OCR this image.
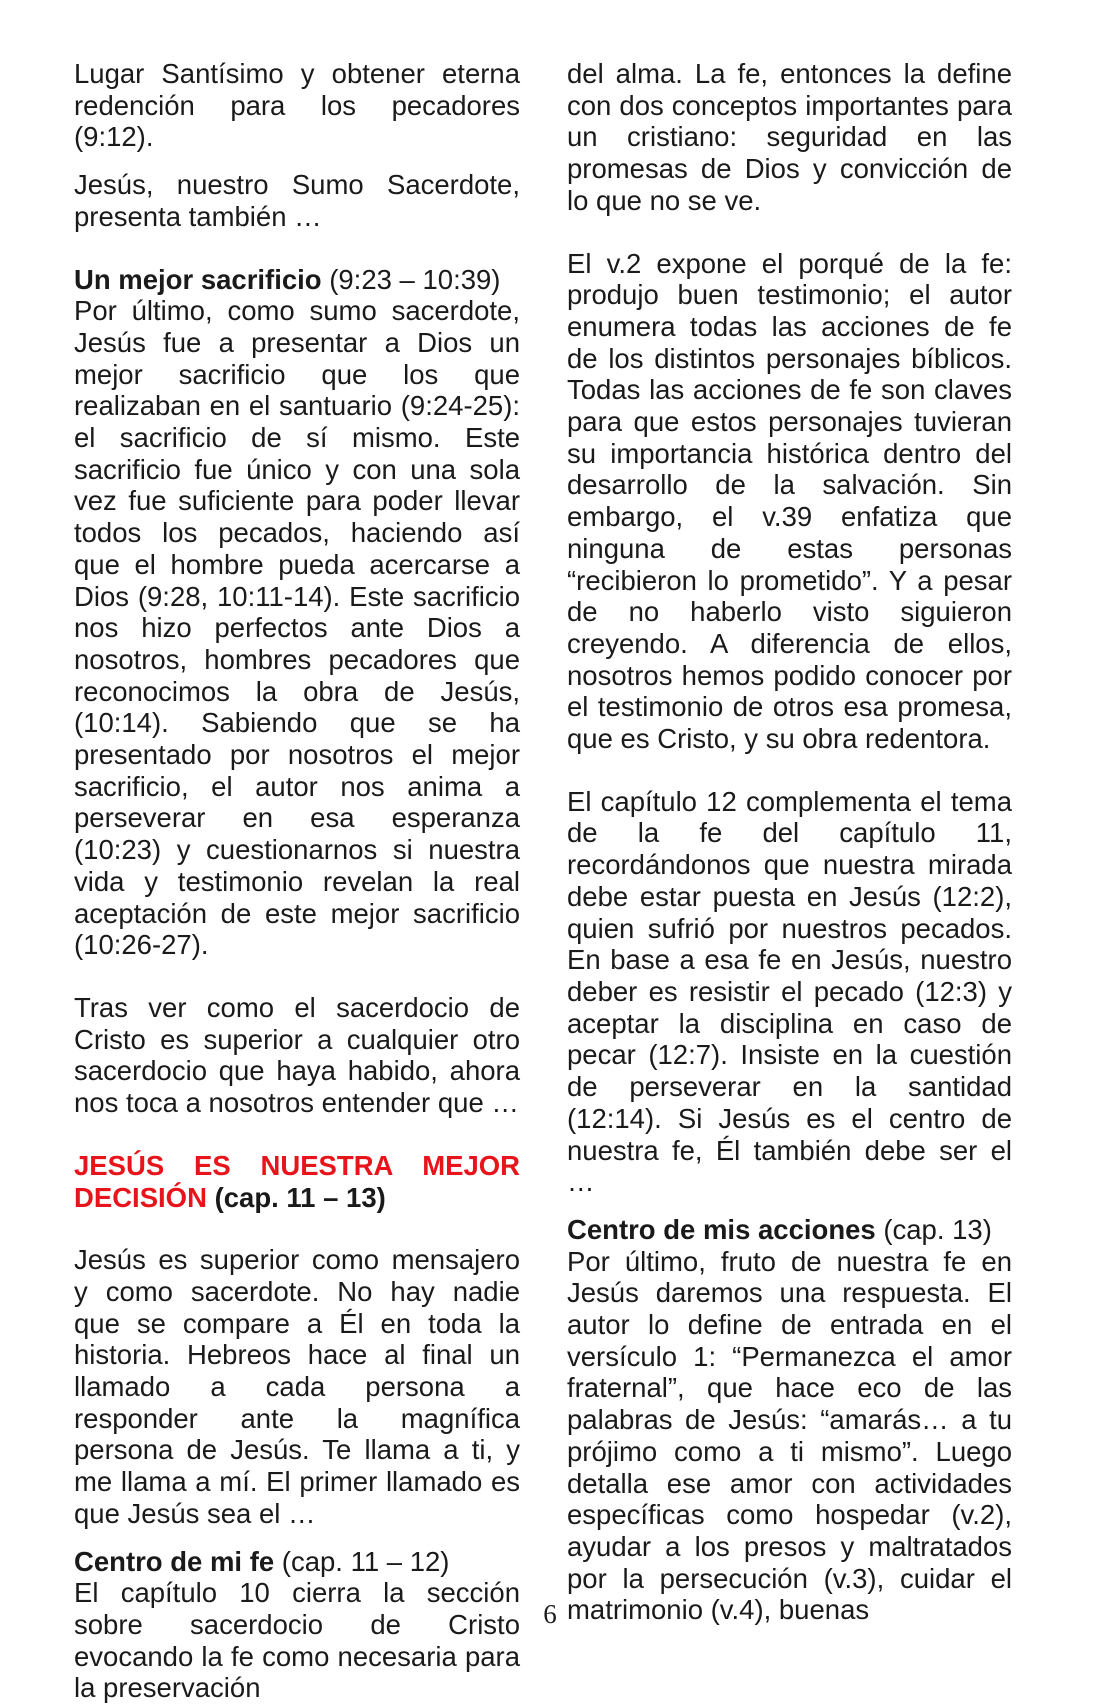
Lugar Santísimo y obtener eterna redención para los pecadores (9:12).

Jesús, nuestro Sumo Sacerdote, presenta también …

Un mejor sacrificio (9:23 – 10:39)

Por último, como sumo sacerdote, Jesús fue a presentar a Dios un mejor sacrificio que los que realizaban en el santuario (9:24-25): el sacrificio de sí mismo. Este sacrificio fue único y con una sola vez fue suficiente para poder llevar todos los pecados, haciendo así que el hombre pueda acercarse a Dios (9:28, 10:11-14). Este sacrificio nos hizo perfectos ante Dios a nosotros, hombres pecadores que reconocimos la obra de Jesús, (10:14). Sabiendo que se ha presentado por nosotros el mejor sacrificio, el autor nos anima a perseverar en esa esperanza (10:23) y cuestionarnos si nuestra vida y testimonio revelan la real aceptación de este mejor sacrificio (10:26-27).

Tras ver como el sacerdocio de Cristo es superior a cualquier otro sacerdocio que haya habido, ahora nos toca a nosotros entender que …

JESÚS ES NUESTRA MEJOR DECISIÓN (cap. 11 – 13)

Jesús es superior como mensajero y como sacerdote. No hay nadie que se compare a Él en toda la historia. Hebreos hace al final un llamado a cada persona a responder ante la magnífica persona de Jesús. Te llama a ti, y me llama a mí. El primer llamado es que Jesús sea el …

Centro de mi fe (cap. 11 – 12)

El capítulo 10 cierra la sección sobre sacerdocio de Cristo evocando la fe como necesaria para la preservación

del alma. La fe, entonces la define con dos conceptos importantes para un cristiano: seguridad en las promesas de Dios y convicción de lo que no se ve.

El v.2 expone el porqué de la fe: produjo buen testimonio; el autor enumera todas las acciones de fe de los distintos personajes bíblicos. Todas las acciones de fe son claves para que estos personajes tuvieran su importancia histórica dentro del desarrollo de la salvación. Sin embargo, el v.39 enfatiza que ninguna de estas personas “recibieron lo prometido”. Y a pesar de no haberlo visto siguieron creyendo. A diferencia de ellos, nosotros hemos podido conocer por el testimonio de otros esa promesa, que es Cristo, y su obra redentora.

El capítulo 12 complementa el tema de la fe del capítulo 11, recordándonos que nuestra mirada debe estar puesta en Jesús (12:2), quien sufrió por nuestros pecados. En base a esa fe en Jesús, nuestro deber es resistir el pecado (12:3) y aceptar la disciplina en caso de pecar (12:7). Insiste en la cuestión de perseverar en la santidad (12:14). Si Jesús es el centro de nuestra fe, Él también debe ser el …

Centro de mis acciones (cap. 13)

Por último, fruto de nuestra fe en Jesús daremos una respuesta. El autor lo define de entrada en el versículo 1: “Permanezca el amor fraternal”, que hace eco de las palabras de Jesús: “amarás… a tu prójimo como a ti mismo”. Luego detalla ese amor con actividades específicas como hospedar (v.2), ayudar a los presos y maltratados por la persecución (v.3), cuidar el matrimonio (v.4), buenas

6
